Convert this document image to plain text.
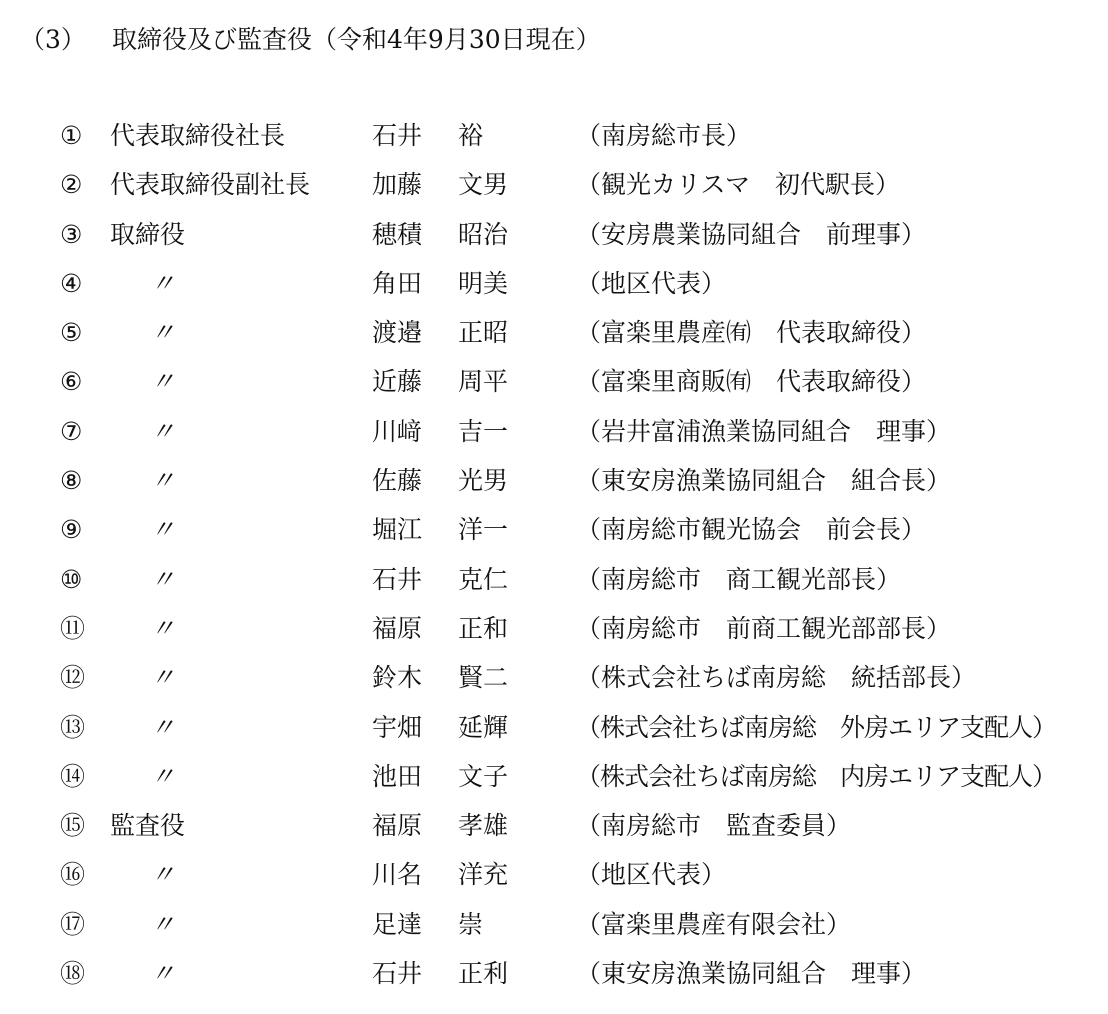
（3）	取締役及び監査役（令和4年9月30日現在）
①	代表取締役社長	石井 裕	（南房総市長）
②	代表取締役副社長	加藤 文男	（観光カリスマ　初代駅長）
③	取締役	穂積 昭治	（安房農業協同組合　前理事）
④	〃	角田 明美	（地区代表）
⑤	〃	渡邉 正昭	（富楽里農産㈲　代表取締役）
⑥	〃	近藤 周平	（富楽里商販㈲　代表取締役）
⑦	〃	川﨑 吉一	（岩井富浦漁業協同組合　理事）
⑧	〃	佐藤 光男	（東安房漁業協同組合　組合長）
⑨	〃	堀江 洋一	（南房総市観光協会　前会長）
⑩	〃	石井 克仁	（南房総市　商工観光部長）
⑪	〃	福原 正和	（南房総市　前商工観光部部長）
⑫	〃	鈴木 賢二	（株式会社ちば南房総　統括部長）
⑬	〃	宇畑 延輝	（株式会社ちば南房総　外房エリア支配人）
⑭	〃	池田 文子	（株式会社ちば南房総　内房エリア支配人）
⑮ 監査役	福原 孝雄	（南房総市　監査委員）
⑯	〃	川名 洋充	（地区代表）
⑰	〃	足達 崇	（富楽里農産有限会社）
⑱	〃	石井 正利	（東安房漁業協同組合　理事）
